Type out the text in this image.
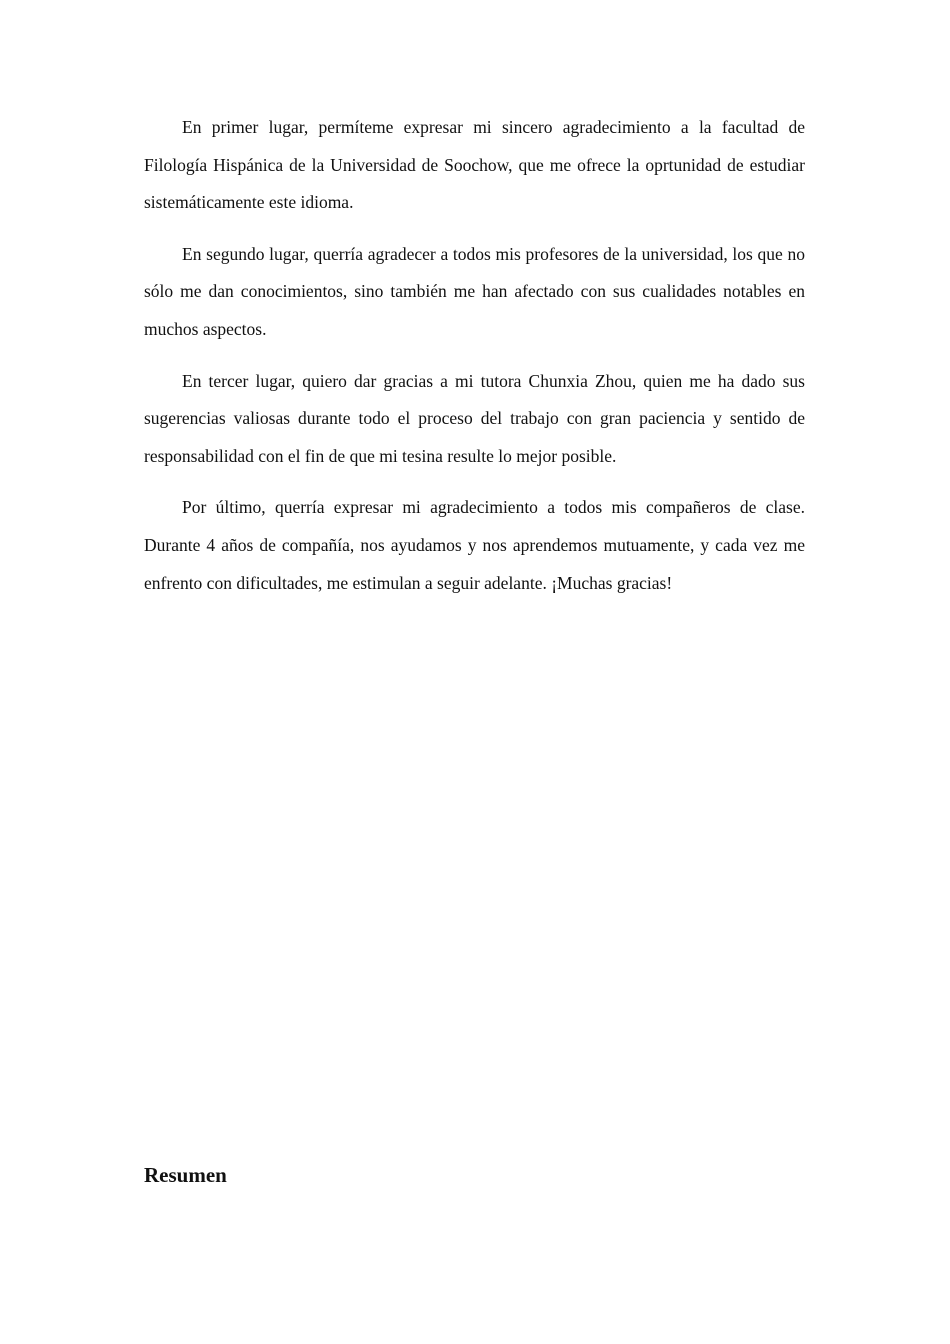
En primer lugar, permíteme expresar mi sincero agradecimiento a la facultad de Filología Hispánica de la Universidad de Soochow, que me ofrece la oprtunidad de estudiar sistemáticamente este idioma.

En segundo lugar, querría agradecer a todos mis profesores de la universidad, los que no sólo me dan conocimientos, sino también me han afectado con sus cualidades notables en muchos aspectos.

En tercer lugar, quiero dar gracias a mi tutora Chunxia Zhou, quien me ha dado sus sugerencias valiosas durante todo el proceso del trabajo con gran paciencia y sentido de responsabilidad con el fin de que mi tesina resulte lo mejor posible.

Por último, querría expresar mi agradecimiento a todos mis compañeros de clase. Durante 4 años de compañía, nos ayudamos y nos aprendemos mutuamente, y cada vez me enfrento con dificultades, me estimulan a seguir adelante. ¡Muchas gracias!

Resumen
